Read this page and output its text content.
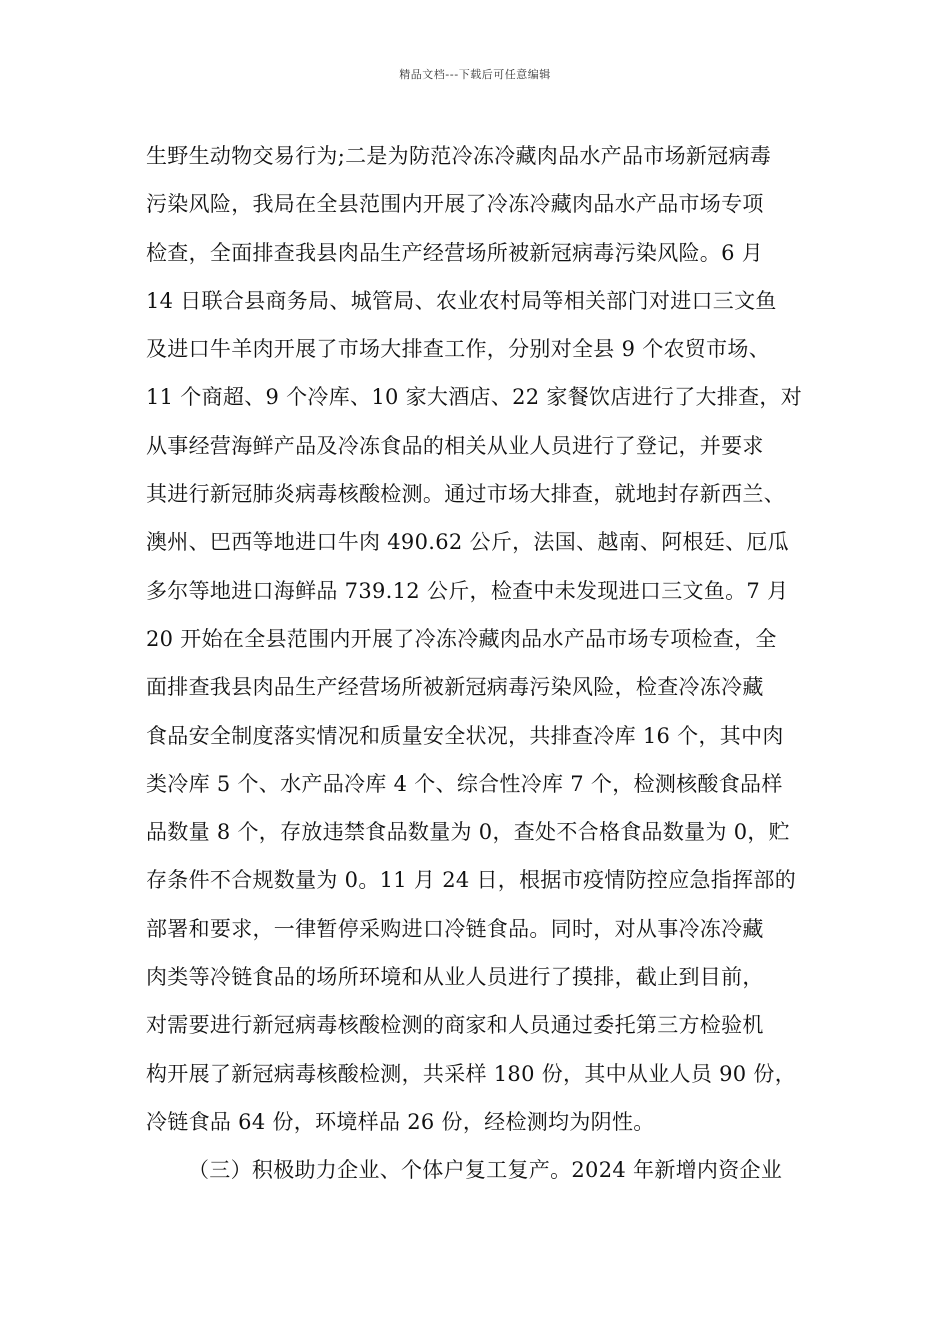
精品文档---下载后可任意编辑
生野生动物交易行为;二是为防范冷冻冷藏肉品水产品市场新冠病毒
污染风险，我局在全县范围内开展了冷冻冷藏肉品水产品市场专项
检查，全面排查我县肉品生产经营场所被新冠病毒污染风险。6 月
14 日联合县商务局、城管局、农业农村局等相关部门对进口三文鱼
及进口牛羊肉开展了市场大排查工作，分别对全县 9 个农贸市场、
11 个商超、9 个冷库、10 家大酒店、22 家餐饮店进行了大排查，对
从事经营海鲜产品及冷冻食品的相关从业人员进行了登记，并要求
其进行新冠肺炎病毒核酸检测。通过市场大排查，就地封存新西兰、
澳州、巴西等地进口牛肉 490.62 公斤，法国、越南、阿根廷、厄瓜
多尔等地进口海鲜品 739.12 公斤，检查中未发现进口三文鱼。7 月
20 开始在全县范围内开展了冷冻冷藏肉品水产品市场专项检查，全
面排查我县肉品生产经营场所被新冠病毒污染风险，检查冷冻冷藏
食品安全制度落实情况和质量安全状况，共排查冷库 16 个，其中肉
类冷库 5 个、水产品冷库 4 个、综合性冷库 7 个，检测核酸食品样
品数量 8 个，存放违禁食品数量为 0，查处不合格食品数量为 0，贮
存条件不合规数量为 0。11 月 24 日，根据市疫情防控应急指挥部的
部署和要求，一律暂停采购进口冷链食品。同时，对从事冷冻冷藏
肉类等冷链食品的场所环境和从业人员进行了摸排，截止到目前，
对需要进行新冠病毒核酸检测的商家和人员通过委托第三方检验机
构开展了新冠病毒核酸检测，共采样 180 份，其中从业人员 90 份，
冷链食品 64 份，环境样品 26 份，经检测均为阴性。
（三）积极助力企业、个体户复工复产。2024 年新增内资企业
